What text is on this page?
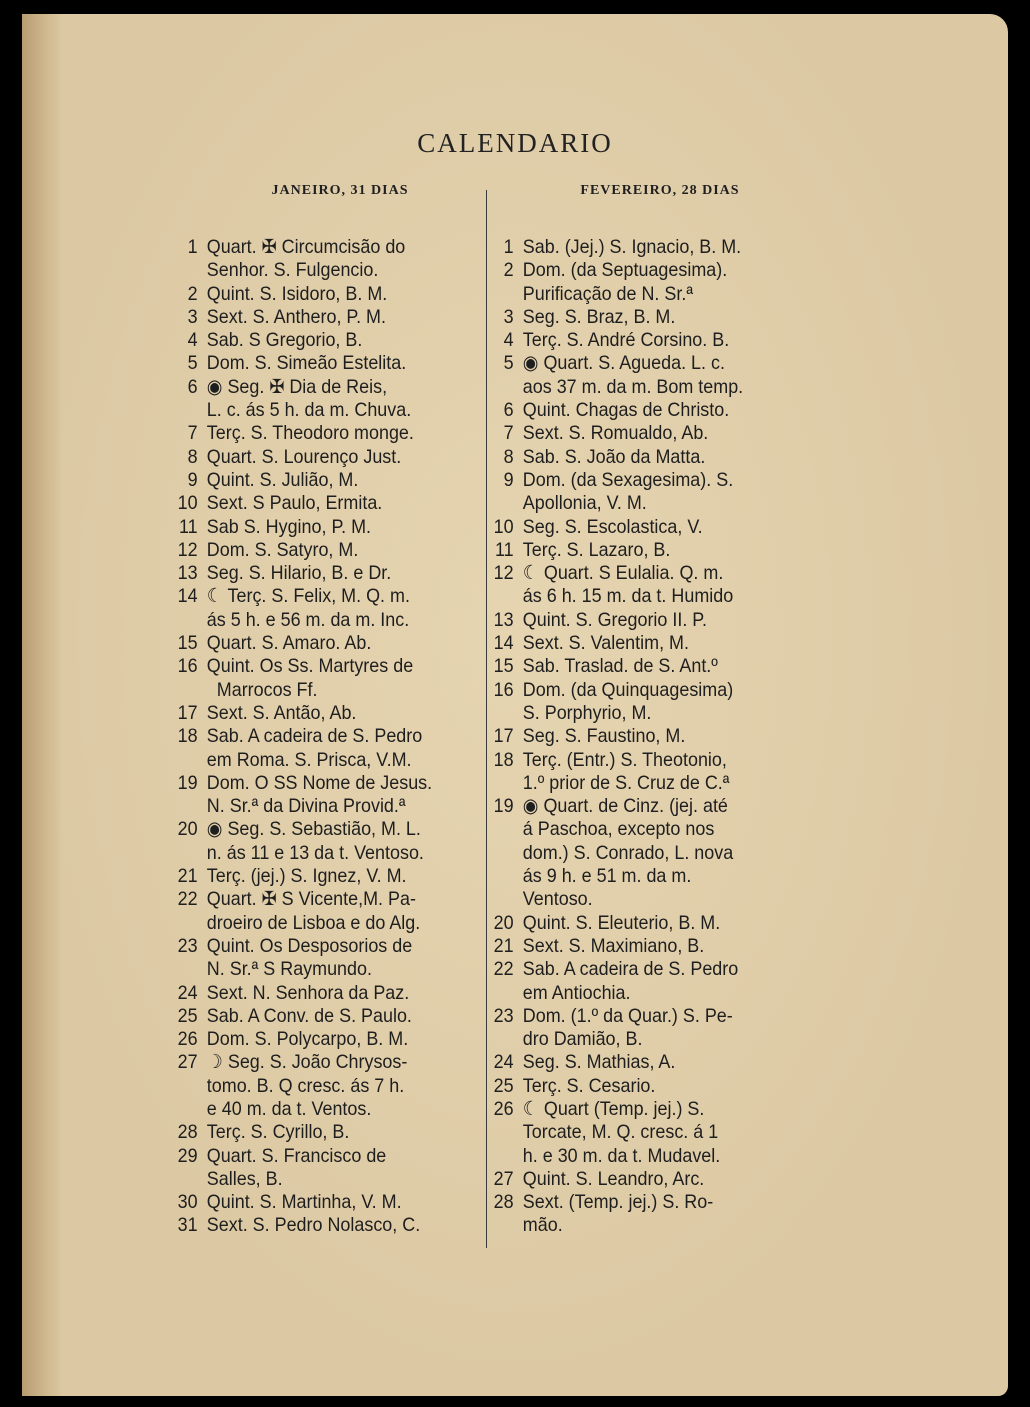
CALENDARIO
JANEIRO, 31 DIAS	FEVEREIRO, 28 DIAS
1 Quart. ✠ Circumcisão do
Senhor. S. Fulgencio.
2 Quint. S. Isidoro, B. M.
3 Sext. S. Anthero, P. M.
4 Sab. S Gregorio, B.
5 Dom. S. Simeão Estelita.
6 ◉ Seg. ✠ Dia de Reis,
L. c. ás 5 h. da m. Chuva.
7 Terç. S. Theodoro monge.
8 Quart. S. Lourenço Just.
9 Quint. S. Julião, M.
10 Sext. S Paulo, Ermita.
11 Sab S. Hygino, P. M.
12 Dom. S. Satyro, M.
13 Seg. S. Hilario, B. e Dr.
14 ☾ Terç. S. Felix, M. Q. m.
ás 5 h. e 56 m. da m. Inc.
15 Quart. S. Amaro. Ab.
16 Quint. Os Ss. Martyres de
Marrocos Ff.
17 Sext. S. Antão, Ab.
18 Sab. A cadeira de S. Pedro
em Roma. S. Prisca, V.M.
19 Dom. O SS Nome de Jesus.
N. Sr.ª da Divina Provid.ª
20 ◉ Seg. S. Sebastião, M. L.
n. ás 11 e 13 da t. Ventoso.
21 Terç. (jej.) S. Ignez, V. M.
22 Quart. ✠ S Vicente,M. Pa-
droeiro de Lisboa e do Alg.
23 Quint. Os Desposorios de
N. Sr.ª S Raymundo.
24 Sext. N. Senhora da Paz.
25 Sab. A Conv. de S. Paulo.
26 Dom. S. Polycarpo, B. M.
27 ☽ Seg. S. João Chrysos-
tomo. B. Q cresc. ás 7 h.
e 40 m. da t. Ventos.
28 Terç. S. Cyrillo, B.
29 Quart. S. Francisco de
Salles, B.
30 Quint. S. Martinha, V. M.
31 Sext. S. Pedro Nolasco, C.
1 Sab. (Jej.) S. Ignacio, B. M.
2 Dom. (da Septuagesima).
Purificação de N. Sr.ª
3 Seg. S. Braz, B. M.
4 Terç. S. André Corsino. B.
5 ◉ Quart. S. Agueda. L. c.
aos 37 m. da m. Bom temp.
6 Quint. Chagas de Christo.
7 Sext. S. Romualdo, Ab.
8 Sab. S. João da Matta.
9 Dom. (da Sexagesima). S.
Apollonia, V. M.
10 Seg. S. Escolastica, V.
11 Terç. S. Lazaro, B.
12 ☾ Quart. S Eulalia. Q. m.
ás 6 h. 15 m. da t. Humido
13 Quint. S. Gregorio II. P.
14 Sext. S. Valentim, M.
15 Sab. Traslad. de S. Ant.º
16 Dom. (da Quinquagesima)
S. Porphyrio, M.
17 Seg. S. Faustino, M.
18 Terç. (Entr.) S. Theotonio,
1.º prior de S. Cruz de C.ª
19 ◉ Quart. de Cinz. (jej. até
á Paschoa, excepto nos
dom.) S. Conrado, L. nova
ás 9 h. e 51 m. da m.
Ventoso.
20 Quint. S. Eleuterio, B. M.
21 Sext. S. Maximiano, B.
22 Sab. A cadeira de S. Pedro
em Antiochia.
23 Dom. (1.º da Quar.) S. Pe-
dro Damião, B.
24 Seg. S. Mathias, A.
25 Terç. S. Cesario.
26 ☾ Quart (Temp. jej.) S.
Torcate, M. Q. cresc. á 1
h. e 30 m. da t. Mudavel.
27 Quint. S. Leandro, Arc.
28 Sext. (Temp. jej.) S. Ro-
mão.
